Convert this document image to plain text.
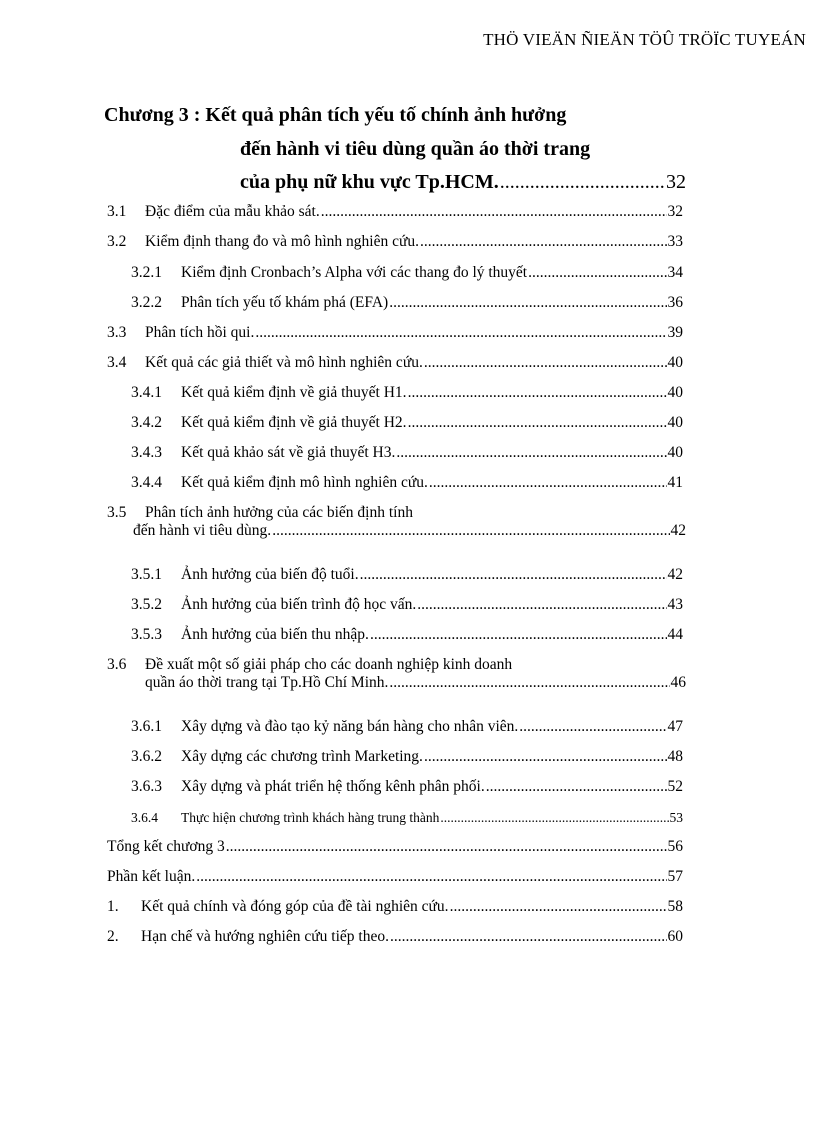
THÖ VIEÄN ÑIEÄN TÖÛ TRÖÏC TUYEÁN
Chương 3 : Kết quả phân tích yếu tố chính ảnh hưởng
đến hành vi tiêu dùng quần áo thời trang
của phụ nữ khu vực Tp.HCM. .....	32
3.1	Đặc điểm của mẫu khảo sát. .....	32
3.2	Kiểm định thang đo và mô hình nghiên cứu. .....	33
3.2.1	Kiểm định Cronbach’s Alpha với các thang đo lý thuyết .....	34
3.2.2	Phân tích yếu tố khám phá (EFA) .....	36
3.3	Phân tích hồi qui. .....	39
3.4	Kết quả các giả thiết và mô hình nghiên cứu. .....	40
3.4.1	Kết quả kiểm định về giả thuyết H1. .....	40
3.4.2	Kết quả kiểm định về giả thuyết H2. .....	40
3.4.3	Kết quả khảo sát về giả thuyết H3. .....	40
3.4.4	Kết quả kiểm định mô hình nghiên cứu. .....	41
3.5 Phân tích ảnh hưởng của các biến định tính
đến hành vi tiêu dùng. .....	42
3.5.1	Ảnh hưởng của biến độ tuổi. .....	42
3.5.2	Ảnh hưởng của biến trình độ học vấn. .....	43
3.5.3	Ảnh hưởng của biến thu nhập. .....	44
3.6 Đề xuất một số giải pháp cho các doanh nghiệp kinh doanh
quần áo thời trang tại Tp.Hồ Chí Minh. .....	46
3.6.1	Xây dựng và đào tạo kỷ năng bán hàng cho nhân viên. .....	47
3.6.2	Xây dựng các chương trình Marketing. .....	48
3.6.3	Xây dựng và phát triển hệ thống kênh phân phối. .....	52
3.6.4	Thực hiện chương trình khách hàng trung thành .....	53
Tổng kết chương 3 .....	56
Phần kết luận. .....	57
1.	Kết quả chính và đóng góp của đề tài nghiên cứu. .....	58
2.	Hạn chế và hướng nghiên cứu tiếp theo. .....	60
